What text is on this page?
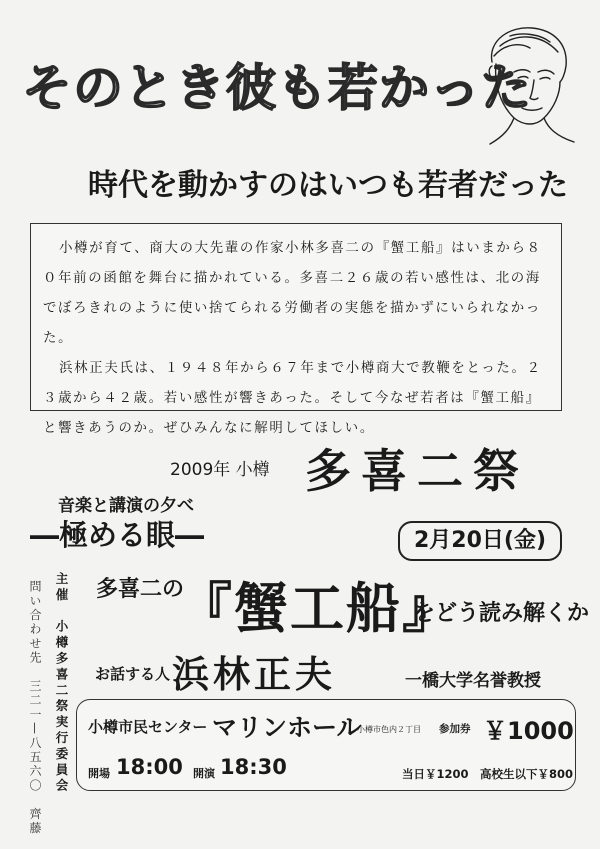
そのとき彼も若かった
時代を動かすのはいつも若者だった

小樽が育て、商大の大先輩の作家小林多喜二の『蟹工船』はいまから８０年前の函館を舞台に描かれている。多喜二２６歳の若い感性は、北の海でぼろきれのように使い捨てられる労働者の実態を描かずにいられなかった。

浜林正夫氏は、１９４８年から６７年まで小樽商大で教鞭をとった。２３歳から４２歳。若い感性が響きあった。そして今なぜ若者は『蟹工船』と響きあうのか。ぜひみんなに解明してほしい。

2009年 小樽 多喜二祭
音楽と講演の夕べ
―極める眼―	2月20日(金)
主催　小樽多喜二祭実行委員会
問い合わせ先　三二一—八五六〇　齊藤 多喜二の
『蟹工船』
をどう読み解くか
お話する人 浜林正夫	一橋大学名誉教授
小樽市民センター マリンホール
小樽市色内２丁目 参加券 ￥1000
開場 18:00 開演 18:30	当日￥1200 高校生以下￥800
